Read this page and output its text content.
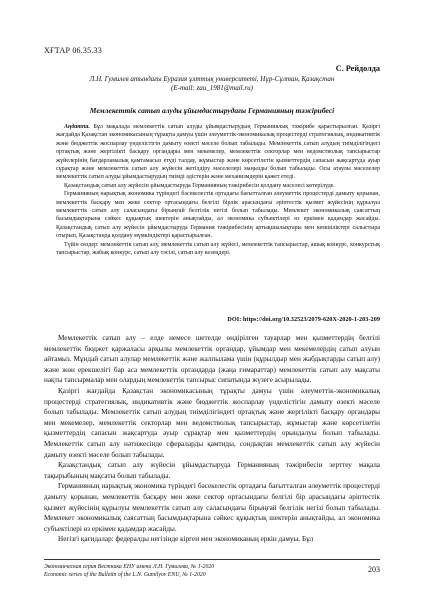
ХҒТАР 06.35.33
С. Рейдолда
Л.Н. Гумилев атындағы Еуразия ұлттық университеті, Нұр-Сұлтан, Қазақстан
(E-mail: zau_1981@mail.ru)
Мемлекеттік сатып алуды ұйымдастырудағы Германияның тәжірибесі

Аңдатпа. Бұл мақалада мемлекеттік сатып алуды ұйымдастырудың Германиялық тәжірибе қарастырылған. Қазіргі жағдайда Қазақстан экономикасының тұрақты дамуы үшін әлеуметтік-экономикалық процестерді стратегиялық, индикативтік және бюджеттік жоспарлау үнделістігін дамыту өзекті мәселе болып табылады. Мемлекеттік сатып алудың тиімділігіндегі ортақтық және жергілікті басқару органдары мен мекемелер, мемлекеттік секторлар мен ведомстволық тапсырыстар жүйелерінің бағдарламалық қамтамасыз етуді талдау, жұмыстар және көрсетілетін қызметтердің сапасын жақсартуда ауыр сұрақтар және мемлекеттік сатып алу жүйесін жетілдіру мәселелері маңызды болып табылады. Осы атаулы мәселелер мемлекеттік сатып алуды ұйымдастырудың тиімді әдістерін және механизмдерін қажет етеді.

Қазақстандық сатып алу жүйесін ұйымдастыруда Германияның тәжірибесін қолдану мәселесі көтерілуде.

Германияның нарықтық экономика түріндегі бәсекелестік ортадағы бағытталған әлеуметтік процестерді дамыту қорынан, мемлекеттік басқару мен жеке сектор ортасындағы белгілі бірлік арасындағы әріптестік қызмет жүйесінің құрылуы мемлекеттік сатып алу саласындағы бірыңғай белгілік негізі болып табылады. Мемлекет экономикалық саясаттың басымдықтарына сәйкес құқықтық шектерін анықтайды, ал экономика субъектілері өз еркімен қадамдар жасайды. Қазақстандық сатып алу жүйесін ұйымдастыруда Германия тәжірибесінің артықшылықтары мен кемшіліктері салыстыра отырып, Қазақстанда қолдану мүмкіндіктері қарастырылған.

Түйін сөздер: мемлекеттік сатып алу, мемлекеттік сатып алу жүйесі, мемлекеттік тапсырыстар, ашық конкурс, конкурстық тапсырыстар, жабық конкурс, сатып алу тәсілі, сатып алу кезеңдері.

DOI: https://doi.org/10.32523/2079-620X-2020-1-203-209

Мемлекеттік сатып алу – елде немесе шетелде өндірілген тауарлар мен қызметтердің белгілі мемлекеттік бюджет қаржаласы арқылы мемлекеттік органдар, ұйымдар мен мекемелердің сатып алуын айтамыз. Мұндай сатып алулар мемлекеттік және жалпылама үшін (құрылдыр мен жабдықтарды сатып алу) және жөн ерекшелігі бар аса мемлекеттік органдарда (жаңа ғимараттар) мемлекеттік сатып алу мақсаты нақты тапсырмалар мен олардың мемлекеттік тапсырыс сипатында жүзеге асырылады.

Қазіргі жағдайда Қазақстан экономикасының тұрақты дамуы үшін әлеуметтік-экономикалық процестерді стратегиялық, индикативтік және бюджеттік жоспарлау үнделістігін дамыту өзекті мәселе болып табылады. Мемлекеттік сатып алудың тиімділігіндегі ортақтық және жергілікті басқару органдары мен мекемелер, мемлекеттік секторлар мен ведомстволық тапсырыстар, жұмыстар және көрсетілетін қызметтердің сапасын жақсартуда ауыр сұрақтар мен қызметтердің орындалуы болып табылады. Мемлекеттік сатып алу нәтижесінде сфераларды қамтиды, сондықтан мемлекеттік сатып алу жүйесін дамыту өзекті мәселе болып табылады.

Қазақстандық сатып алу жүйесін ұйымдастыруда Германияның тәжірибесін зерттеу мақала тақырыбының мақсаты болып табылады.

Германияның нарықтық экономика түріндегі бәсекелестік ортадағы бағытталған әлеуметтік процестерді дамыту қорынан, мемлекеттік басқару мен жеке сектор ортасындағы белгілі бір арасындағы әріптестік қызмет жүйесінің құрылуы мемлекеттік сатып алу саласындағы бірыңғай белгілік негізі болып табылады. Мемлекет экономикалық саясаттың басымдықтарына сәйкес құқықтық шектерін анықтайды, ал экономика субъектілері өз еркімен қадамдар жасайды.

Негізгі қағидалар: федералды негізінде кірген мен экономиканың еркін дамуы. Бұл

Экономическая серия Вестника ЕНУ имени Л.Н. Гумилева, № 1-2020
Economic series of the Bulletin of the L.N. Gumilyov ENU, № 1-2020
203
